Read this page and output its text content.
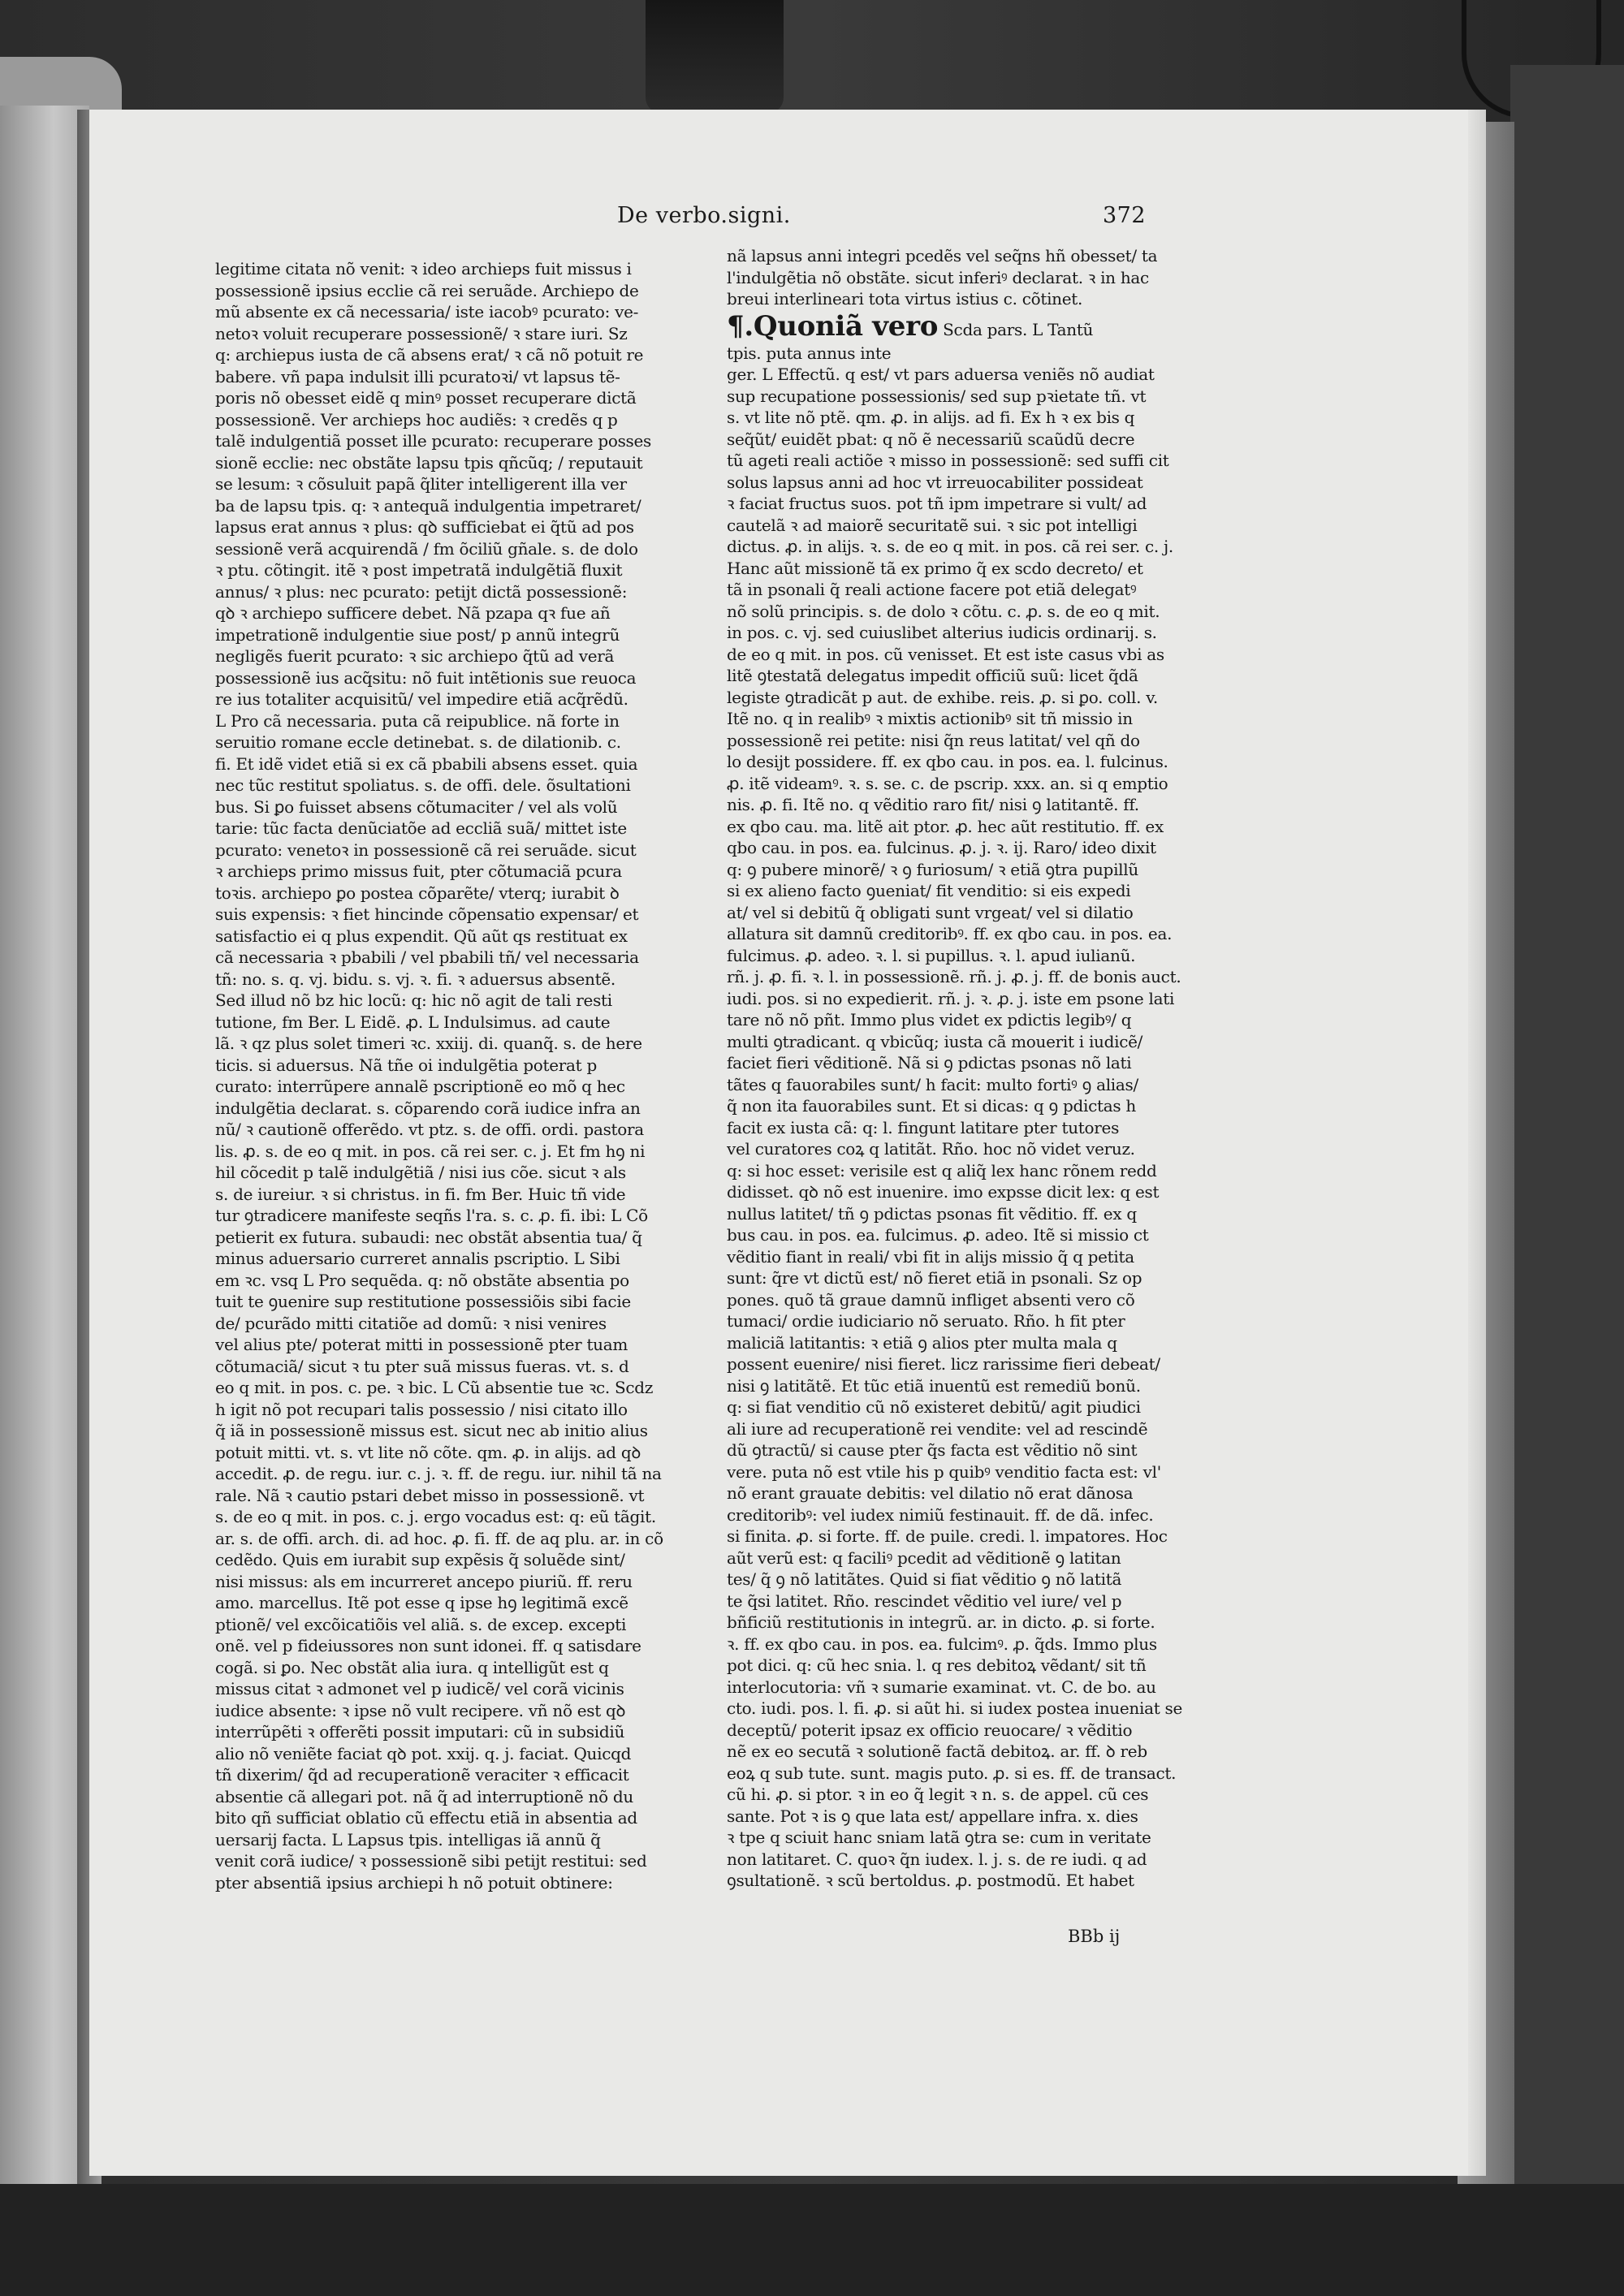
De verbo.signi.	372
legitime citata nõ venit: ꝛ ideo archieps fuit missus i
possessionẽ ipsius ecclie cã rei seruãde. Archiepo de
mũ absente ex cã necessaria/ iste iacobꝰ pcurato: ve-
netoꝛ voluit recuperare possessionẽ/ ꝛ stare iuri. Sz
q: archiepus iusta de cã absens erat/ ꝛ cã nõ potuit re
babere. vñ papa indulsit illi pcuratoꝛi/ vt lapsus tẽ-
poris nõ obesset eidẽ q minꝰ posset recuperare dictã
possessionẽ. Ver archieps hoc audiẽs: ꝛ credẽs q p
talẽ indulgentiã posset ille pcurato: recuperare posses
sionẽ ecclie: nec obstãte lapsu tpis qñcũq; / reputauit
se lesum: ꝛ cõsuluit papã q̃liter intelligerent illa ver
ba de lapsu tpis. q: ꝛ antequã indulgentia impetraret/
lapsus erat annus ꝛ plus: qꝺ sufficiebat ei q̃tũ ad pos
sessionẽ verã acquirendã / fm õciliũ gñale. s. de dolo
ꝛ ptu. cõtingit. itẽ ꝛ post impetratã indulgẽtiã fluxit
annus/ ꝛ plus: nec pcurato: petijt dictã possessionẽ:
qꝺ ꝛ archiepo sufficere debet. Nã pzapa qꝛ fue añ
impetrationẽ indulgentie siue post/ p annũ integrũ
negligẽs fuerit pcurato: ꝛ sic archiepo q̃tũ ad verã
possessionẽ ius acq̃situ: nõ fuit intẽtionis sue reuoca
re ius totaliter acquisitũ/ vel impedire etiã acq̃rẽdũ.
L Pro cã necessaria. puta cã reipublice. nã forte in
seruitio romane eccle detinebat. s. de dilationib. c.
fi. Et idẽ videt etiã si ex cã pbabili absens esset. quia
nec tũc restitut spoliatus. s. de offi. dele. õsultationi
bus. Si ꝑo fuisset absens cõtumaciter / vel als volũ
tarie: tũc facta denũciatõe ad eccliã suã/ mittet iste
pcurato: venetoꝛ in possessionẽ cã rei seruãde. sicut
ꝛ archieps primo missus fuit, pter cõtumaciã pcura
toꝛis. archiepo ꝑo postea cõparẽte/ vterq; iurabit ꝺ
suis expensis: ꝛ fiet hincinde cõpensatio expensar/ et
satisfactio ei q plus expendit. Qũ aũt qs restituat ex
cã necessaria ꝛ pbabili / vel pbabili tñ/ vel necessaria
tñ: no. s. q. vj. bidu. s. vj. ꝛ. fi. ꝛ aduersus absentẽ.
Sed illud nõ bz hic locũ: q: hic nõ agit de tali resti
tutione, fm Ber. L Eidẽ. ꝓ. L Indulsimus. ad caute
lã. ꝛ qz plus solet timeri ꝛc. xxiij. di. quanq̃. s. de here
ticis. si aduersus. Nã tñe oi indulgẽtia poterat p
curato: interrũpere annalẽ pscriptionẽ eo mõ q hec
indulgẽtia declarat. s. cõparendo corã iudice infra an
nũ/ ꝛ cautionẽ offerẽdo. vt ptz. s. de offi. ordi. pastora
lis. ꝓ. s. de eo q mit. in pos. cã rei ser. c. j. Et fm hꝯ ni
hil cõcedit p talẽ indulgẽtiã / nisi ius cõe. sicut ꝛ als
s. de iureiur. ꝛ si christus. in fi. fm Ber. Huic tñ vide
tur ꝯtradicere manifeste seqñs l'ra. s. c. ꝓ. fi. ibi: L Cõ
petierit ex futura. subaudi: nec obstãt absentia tua/ q̃
minus aduersario curreret annalis pscriptio. L Sibi
em ꝛc. vsq L Pro sequẽda. q: nõ obstãte absentia po
tuit te ꝯuenire sup restitutione possessiõis sibi facie
de/ pcurãdo mitti citatiõe ad domũ: ꝛ nisi venires
vel alius pte/ poterat mitti in possessionẽ pter tuam
cõtumaciã/ sicut ꝛ tu pter suã missus fueras. vt. s. d
eo q mit. in pos. c. pe. ꝛ bic. L Cũ absentie tue ꝛc. Scdz
h igit nõ pot recupari talis possessio / nisi citato illo
q̃ iã in possessionẽ missus est. sicut nec ab initio alius
potuit mitti. vt. s. vt lite nõ cõte. qm. ꝓ. in alijs. ad qꝺ
accedit. ꝓ. de regu. iur. c. j. ꝛ. ff. de regu. iur. nihil tã na
rale. Nã ꝛ cautio pstari debet misso in possessionẽ. vt
s. de eo q mit. in pos. c. j. ergo vocadus est: q: eũ tãgit.
ar. s. de offi. arch. di. ad hoc. ꝓ. fi. ff. de aq plu. ar. in cõ
cedẽdo. Quis em iurabit sup expẽsis q̃ soluẽde sint/
nisi missus: als em incurreret ancepo piuriũ. ff. reru
amo. marcellus. Itẽ pot esse q ipse hꝯ legitimã excẽ
ptionẽ/ vel excõicatiõis vel aliã. s. de excep. excepti
onẽ. vel p fideiussores non sunt idonei. ff. q satisdare
cogã. si ꝑo. Nec obstãt alia iura. q intelligũt est q
missus citat ꝛ admonet vel p iudicẽ/ vel corã vicinis
iudice absente: ꝛ ipse nõ vult recipere. vñ nõ est qꝺ
interrũpẽti ꝛ offerẽti possit imputari: cũ in subsidiũ
alio nõ veniẽte faciat qꝺ pot. xxij. q. j. faciat. Quicqd
tñ dixerim/ q̃d ad recuperationẽ veraciter ꝛ efficacit
absentie cã allegari pot. nã q̃ ad interruptionẽ nõ du
bito qñ sufficiat oblatio cũ effectu etiã in absentia ad
uersarij facta. L Lapsus tpis. intelligas iã annũ q̃
venit corã iudice/ ꝛ possessionẽ sibi petijt restitui: sed
pter absentiã ipsius archiepi h nõ potuit obtinere:
nã lapsus anni integri pcedẽs vel seq̃ns hñ obesset/ ta
l'indulgẽtia nõ obstãte. sicut inferiꝰ declarat. ꝛ in hac
breui interlineari tota virtus istius c. cõtinet.
¶.Quoniã vero Scda pars. L Tantũ
tpis. puta annus inte
ger. L Effectũ. q est/ vt pars aduersa veniẽs nõ audiat
sup recupatione possessionis/ sed sup pꝛietate tñ. vt
s. vt lite nõ ptẽ. qm. ꝓ. in alijs. ad fi. Ex h ꝛ ex bis q
seq̃ũt/ euidẽt pbat: q nõ ẽ necessariũ scaũdũ decre
tũ ageti reali actiõe ꝛ misso in possessionẽ: sed suffi cit
solus lapsus anni ad hoc vt irreuocabiliter possideat
ꝛ faciat fructus suos. pot tñ ipm impetrare si vult/ ad
cautelã ꝛ ad maiorẽ securitatẽ sui. ꝛ sic pot intelligi
dictus. ꝓ. in alijs. ꝛ. s. de eo q mit. in pos. cã rei ser. c. j.
Hanc aũt missionẽ tã ex primo q̃ ex scdo decreto/ et
tã in psonali q̃ reali actione facere pot etiã delegatꝰ
nõ solũ principis. s. de dolo ꝛ cõtu. c. ꝓ. s. de eo q mit.
in pos. c. vj. sed cuiuslibet alterius iudicis ordinarij. s.
de eo q mit. in pos. cũ venisset. Et est iste casus vbi as
litẽ ꝯtestatã delegatus impedit officiũ suũ: licet q̃dã
legiste ꝯtradicãt p aut. de exhibe. reis. ꝓ. si ꝑo. coll. v.
Itẽ no. q in realibꝰ ꝛ mixtis actionibꝰ sit tñ missio in
possessionẽ rei petite: nisi q̃n reus latitat/ vel qñ do
lo desijt possidere. ff. ex qbo cau. in pos. ea. l. fulcinus.
ꝓ. itẽ videamꝰ. ꝛ. s. se. c. de pscrip. xxx. an. si q emptio
nis. ꝓ. fi. Itẽ no. q vẽditio raro fit/ nisi ꝯ latitantẽ. ff.
ex qbo cau. ma. litẽ ait ptor. ꝓ. hec aũt restitutio. ff. ex
qbo cau. in pos. ea. fulcinus. ꝓ. j. ꝛ. ij. Raro/ ideo dixit
q: ꝯ pubere minorẽ/ ꝛ ꝯ furiosum/ ꝛ etiã ꝯtra pupillũ
si ex alieno facto ꝯueniat/ fit venditio: si eis expedi
at/ vel si debitũ q̃ obligati sunt vrgeat/ vel si dilatio
allatura sit damnũ creditoribꝰ. ff. ex qbo cau. in pos. ea.
fulcimus. ꝓ. adeo. ꝛ. l. si pupillus. ꝛ. l. apud iulianũ.
rñ. j. ꝓ. fi. ꝛ. l. in possessionẽ. rñ. j. ꝓ. j. ff. de bonis auct.
iudi. pos. si no expedierit. rñ. j. ꝛ. ꝓ. j. iste em psone lati
tare nõ nõ pñt. Immo plus videt ex pdictis legibꝰ/ q
multi ꝯtradicant. q vbicũq; iusta cã mouerit i iudicẽ/
faciet fieri vẽditionẽ. Nã si ꝯ pdictas psonas nõ lati
tãtes q fauorabiles sunt/ h facit: multo fortiꝰ ꝯ alias/
q̃ non ita fauorabiles sunt. Et si dicas: q ꝯ pdictas h
facit ex iusta cã: q: l. fingunt latitare pter tutores
vel curatores coꝝ q latitãt. Rño. hoc nõ videt veruz.
q: si hoc esset: verisile est q aliq̃ lex hanc rõnem redd
didisset. qꝺ nõ est inuenire. imo expsse dicit lex: q est
nullus latitet/ tñ ꝯ pdictas psonas fit vẽditio. ff. ex q
bus cau. in pos. ea. fulcimus. ꝓ. adeo. Itẽ si missio ct
vẽditio fiant in reali/ vbi fit in alijs missio q̃ q petita
sunt: q̃re vt dictũ est/ nõ fieret etiã in psonali. Sz op
pones. quõ tã graue damnũ infliget absenti vero cõ
tumaci/ ordie iudiciario nõ seruato. Rño. h fit pter
maliciã latitantis: ꝛ etiã ꝯ alios pter multa mala q
possent euenire/ nisi fieret. licz rarissime fieri debeat/
nisi ꝯ latitãtẽ. Et tũc etiã inuentũ est remediũ bonũ.
q: si fiat venditio cũ nõ existeret debitũ/ agit piudici
ali iure ad recuperationẽ rei vendite: vel ad rescindẽ
dũ ꝯtractũ/ si cause pter q̃s facta est vẽditio nõ sint
vere. puta nõ est vtile his p quibꝰ venditio facta est: vl'
nõ erant grauate debitis: vel dilatio nõ erat dãnosa
creditoribꝰ: vel iudex nimiũ festinauit. ff. de dã. infec.
si finita. ꝓ. si forte. ff. de puile. credi. l. impatores. Hoc
aũt verũ est: q faciliꝰ pcedit ad vẽditionẽ ꝯ latitan
tes/ q̃ ꝯ nõ latitãtes. Quid si fiat vẽditio ꝯ nõ latitã
te q̃si latitet. Rño. rescindet vẽditio vel iure/ vel p
bñficiũ restitutionis in integrũ. ar. in dicto. ꝓ. si forte.
ꝛ. ff. ex qbo cau. in pos. ea. fulcimꝰ. ꝓ. q̃ds. Immo plus
pot dici. q: cũ hec snia. l. q res debitoꝝ vẽdant/ sit tñ
interlocutoria: vñ ꝛ sumarie examinat. vt. C. de bo. au
cto. iudi. pos. l. fi. ꝓ. si aũt hi. si iudex postea inueniat se
deceptũ/ poterit ipsaz ex officio reuocare/ ꝛ vẽditio
nẽ ex eo secutã ꝛ solutionẽ factã debitoꝝ. ar. ff. ꝺ reb
eoꝝ q sub tute. sunt. magis puto. ꝓ. si es. ff. de transact.
cũ hi. ꝓ. si ptor. ꝛ in eo q̃ legit ꝛ n. s. de appel. cũ ces
sante. Pot ꝛ is ꝯ que lata est/ appellare infra. x. dies
ꝛ tpe q sciuit hanc sniam latã ꝯtra se: cum in veritate
non latitaret. C. quoꝛ q̃n iudex. l. j. s. de re iudi. q ad
ꝯsultationẽ. ꝛ scũ bertoldus. ꝓ. postmodũ. Et habet
BBb ij
